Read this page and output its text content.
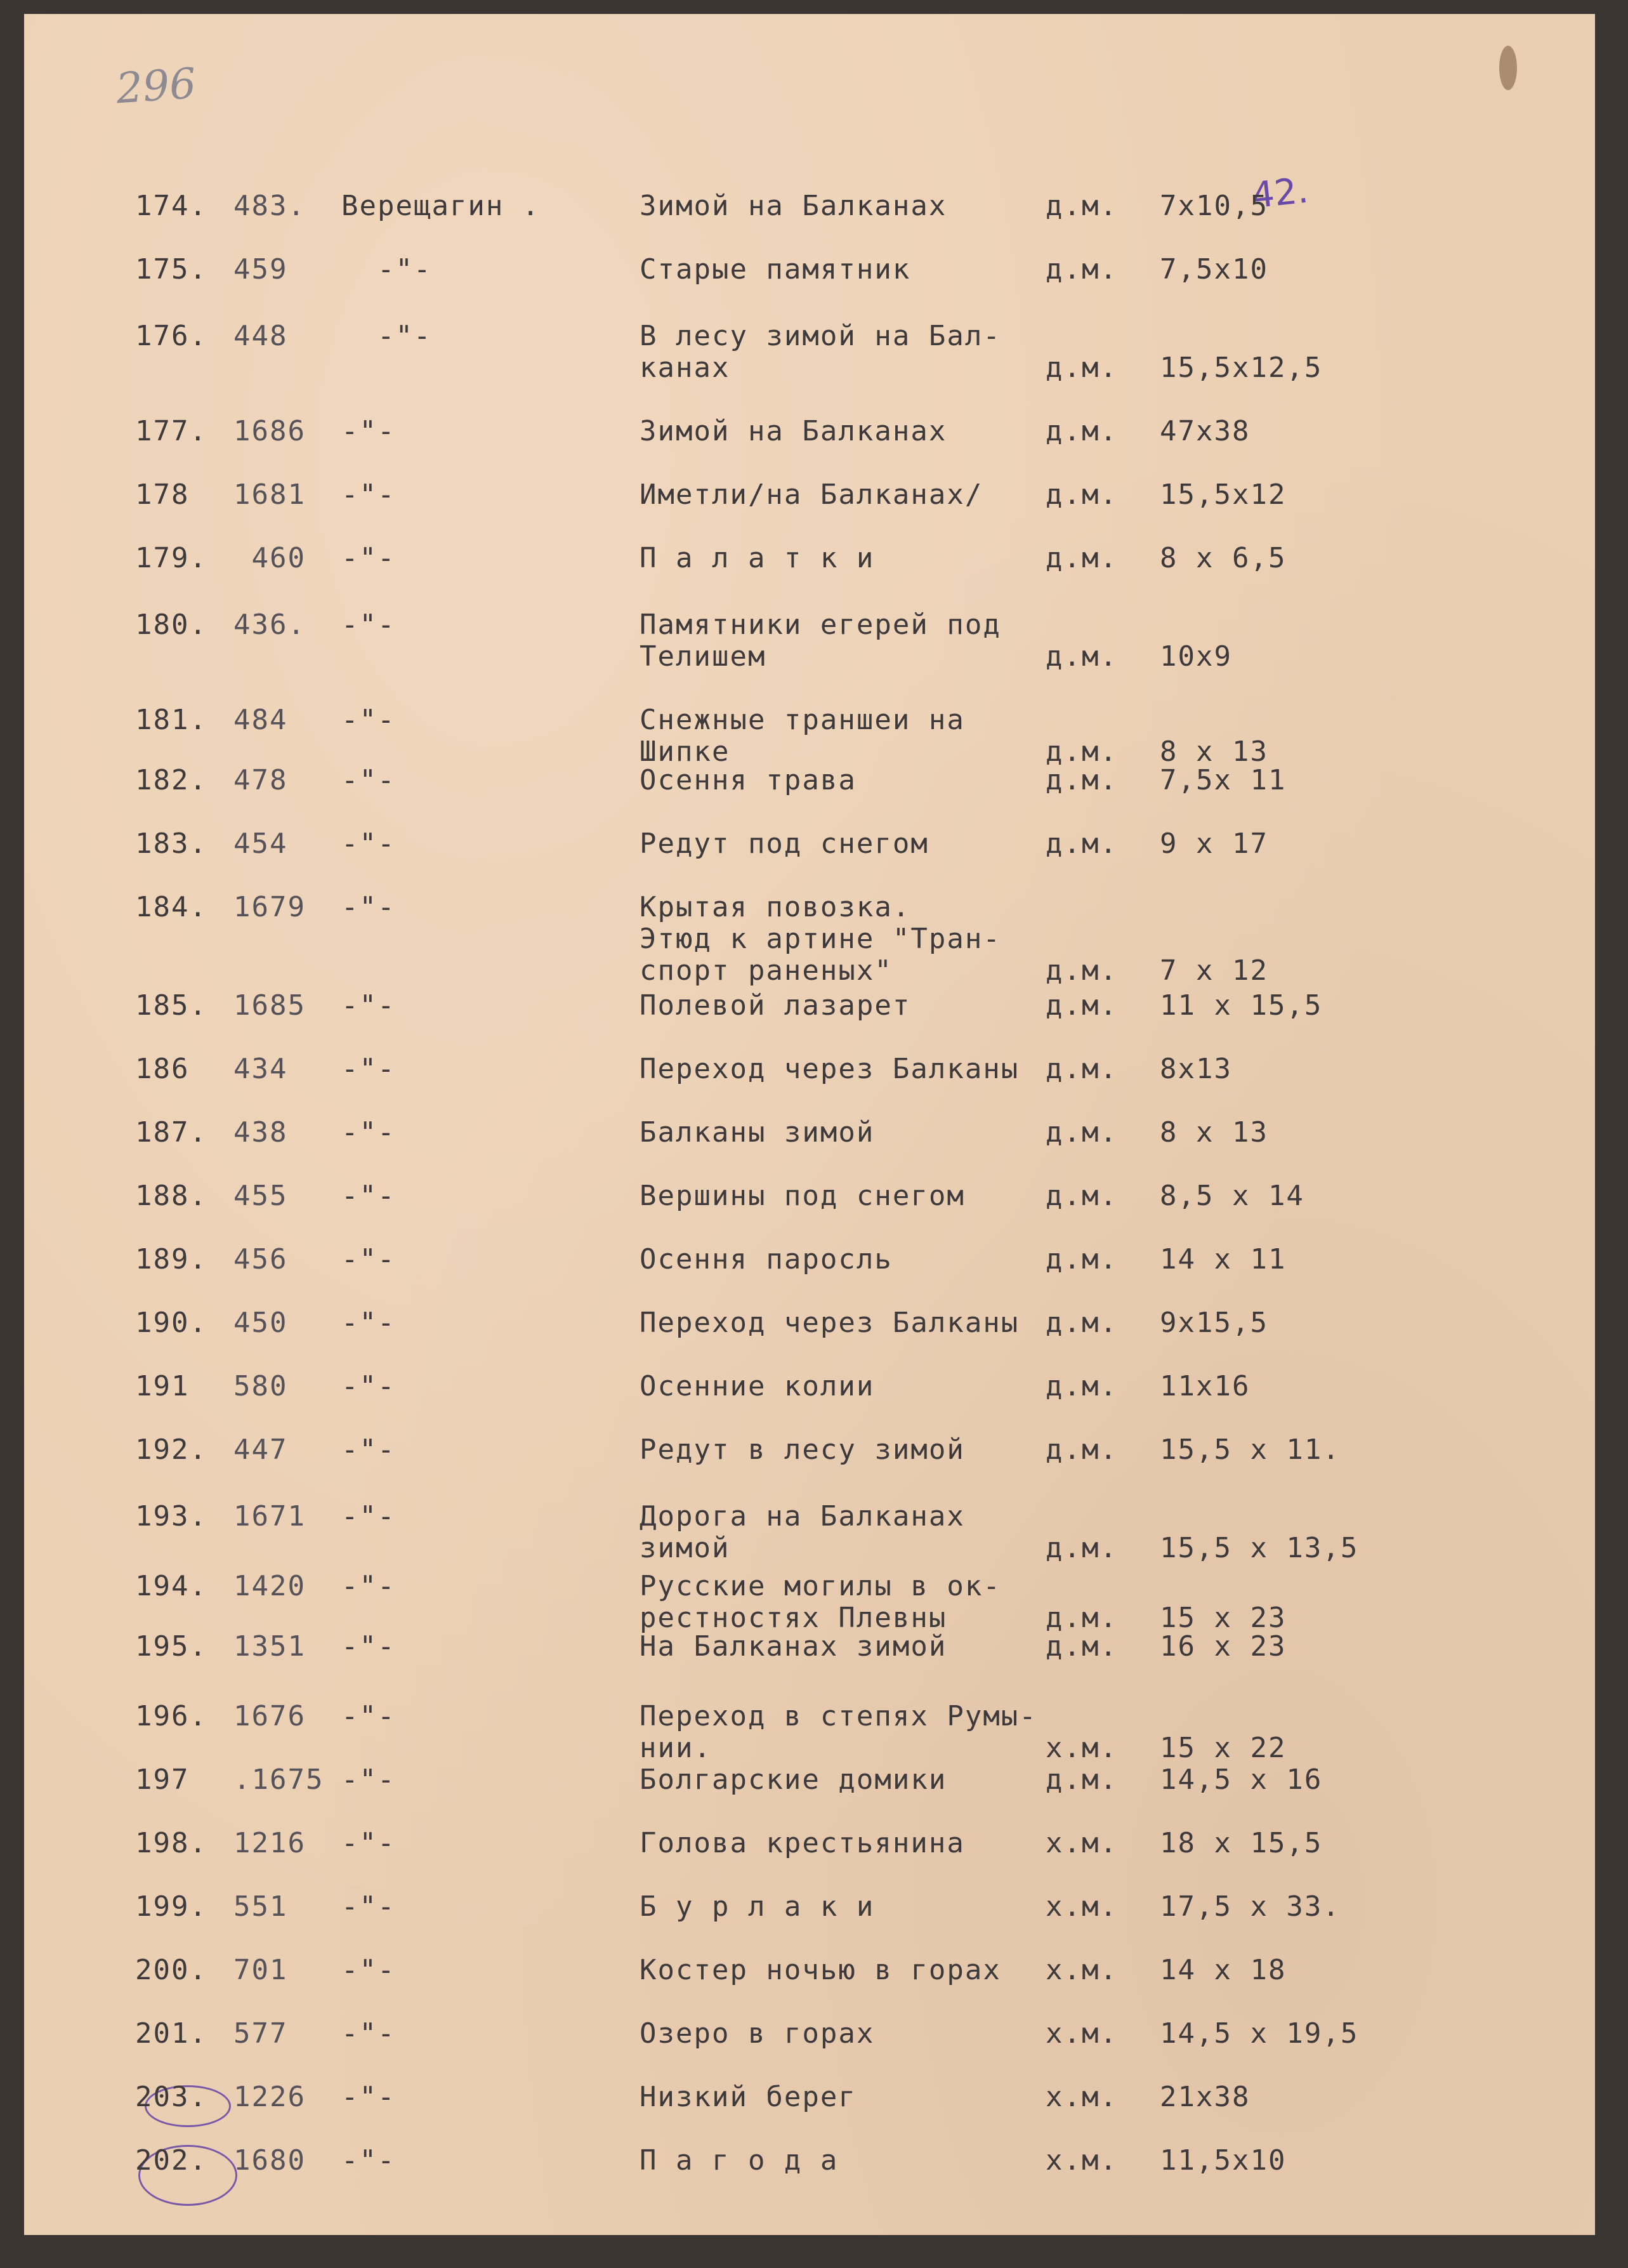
296
42.
174. 483. Верещагин .	Зимой на Балканах	д.м. 7х10,5
175. 459 -"-	Старые памятник	д.м. 7,5х10
176. 448 -"-	В лесу зимой на Бал-
канах	д.м. 15,5х12,5
177. 1686 -"-	Зимой на Балканах	д.м. 47х38
178 1681 -"-	Иметли/на Балканах/	д.м. 15,5х12
179. 460 -"-	П а л а т к и	д.м. 8 х 6,5
180. 436. -"-	Памятники егерей под
Телишем	д.м. 10х9
181. 484 -"-	Снежные траншеи на
Шипке	д.м. 8 х 13
182. 478 -"-	Осення трава	д.м. 7,5х 11
183. 454 -"-	Редут под снегом	д.м. 9 х 17
184. 1679 -"-	Крытая повозка.
Этюд к артине "Тран-
спорт раненых"	д.м. 7 х 12
185. 1685 -"-	Полевой лазарет	д.м. 11 х 15,5
186 434 -"-	Переход через Балканы д.м. 8х13
187. 438 -"-	Балканы зимой	д.м. 8 х 13
188. 455 -"-	Вершины под снегом	д.м. 8,5 х 14
189. 456 -"-	Осення паросль	д.м. 14 х 11
190. 450 -"-	Переход через Балканы д.м. 9х15,5
191 580 -"-	Осенние колии	д.м. 11х16
192. 447 -"-	Редут в лесу зимой	д.м. 15,5 х 11.
193. 1671 -"-	Дорога на Балканах
зимой	д.м. 15,5 х 13,5
194. 1420 -"-	Русские могилы в ок-
рестностях Плевны	д.м. 15 х 23
195. 1351 -"-	На Балканах зимой	д.м. 16 х 23
196. 1676 -"-	Переход в степях Румы-
нии.	х.м. 15 х 22
197 .1675 -"-	Болгарские домики	д.м. 14,5 х 16
198. 1216 -"-	Голова крестьянина	х.м. 18 х 15,5
199. 551 -"-	Б у р л а к и	х.м. 17,5 х 33.
200. 701 -"-	Костер ночью в горах	х.м. 14 х 18
201. 577 -"-	Озеро в горах	х.м. 14,5 х 19,5
203. 1226 -"-	Низкий берег	х.м. 21х38
202. 1680 -"-	П а г о д а	х.м. 11,5х10
